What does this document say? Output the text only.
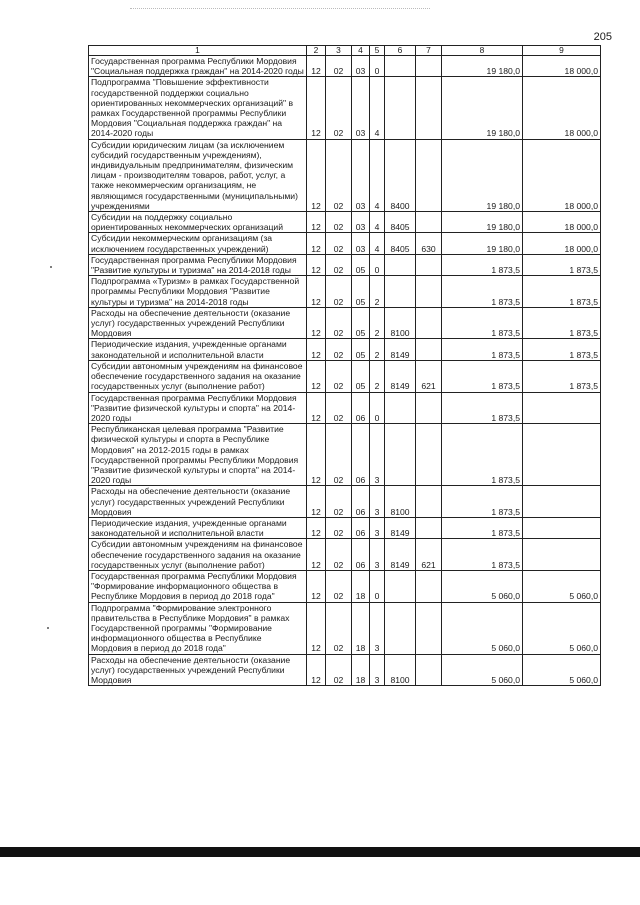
205
1	2	3	4	5	6	7	8	9
Государственная программа Республики Мордовия "Социальная поддержка граждан" на 2014-2020 годы	12	02	03	0			19 180,0	18 000,0
Подпрограмма "Повышение эффективности государственной поддержки социально ориентированных некоммерческих организаций" в рамках Государственной программы Республики Мордовия "Социальная поддержка граждан" на 2014-2020 годы	12	02	03	4			19 180,0	18 000,0
Субсидии юридическим лицам (за исключением субсидий государственным учреждениям), индивидуальным предпринимателям, физическим лицам - производителям товаров, работ, услуг, а также некоммерческим организациям, не являющимся государственными (муниципальными) учреждениями	12	02	03	4	8400		19 180,0	18 000,0
Субсидии на поддержку социально ориентированных некоммерческих организаций	12	02	03	4	8405		19 180,0	18 000,0
Субсидии некоммерческим организациям (за исключением государственных учреждений)	12	02	03	4	8405	630	19 180,0	18 000,0
Государственная программа Республики Мордовия "Развитие культуры и туризма" на 2014-2018 годы	12	02	05	0			1 873,5	1 873,5
Подпрограмма «Туризм» в рамках Государственной программы Республики Мордовия "Развитие культуры и туризма" на 2014-2018 годы	12	02	05	2			1 873,5	1 873,5
Расходы на обеспечение деятельности (оказание услуг) государственных учреждений Республики Мордовия	12	02	05	2	8100		1 873,5	1 873,5
Периодические издания, учрежденные органами законодательной и исполнительной власти	12	02	05	2	8149		1 873,5	1 873,5
Субсидии автономным учреждениям на финансовое обеспечение государственного задания на оказание государственных услуг (выполнение работ)	12	02	05	2	8149	621	1 873,5	1 873,5
Государственная программа Республики Мордовия "Развитие физической культуры и спорта" на 2014-2020 годы	12	02	06	0			1 873,5	
Республиканская целевая программа "Развитие физической культуры и спорта в Республике Мордовия" на 2012-2015 годы в рамках Государственной программы Республики Мордовия "Развитие физической культуры и спорта" на 2014-2020 годы	12	02	06	3			1 873,5	
Расходы на обеспечение деятельности (оказание услуг) государственных учреждений Республики Мордовия	12	02	06	3	8100		1 873,5	
Периодические издания, учрежденные органами законодательной и исполнительной власти	12	02	06	3	8149		1 873,5	
Субсидии автономным учреждениям на финансовое обеспечение государственного задания на оказание государственных услуг (выполнение работ)	12	02	06	3	8149	621	1 873,5	
Государственная программа Республики Мордовия "Формирование информационного общества в Республике Мордовия в период до 2018 года"	12	02	18	0			5 060,0	5 060,0
Подпрограмма "Формирование электронного правительства в Республике Мордовия" в рамках Государственной программы "Формирование информационного общества в Республике Мордовия в период до 2018 года"	12	02	18	3			5 060,0	5 060,0
Расходы на обеспечение деятельности (оказание услуг) государственных учреждений Республики Мордовия	12	02	18	3	8100		5 060,0	5 060,0
